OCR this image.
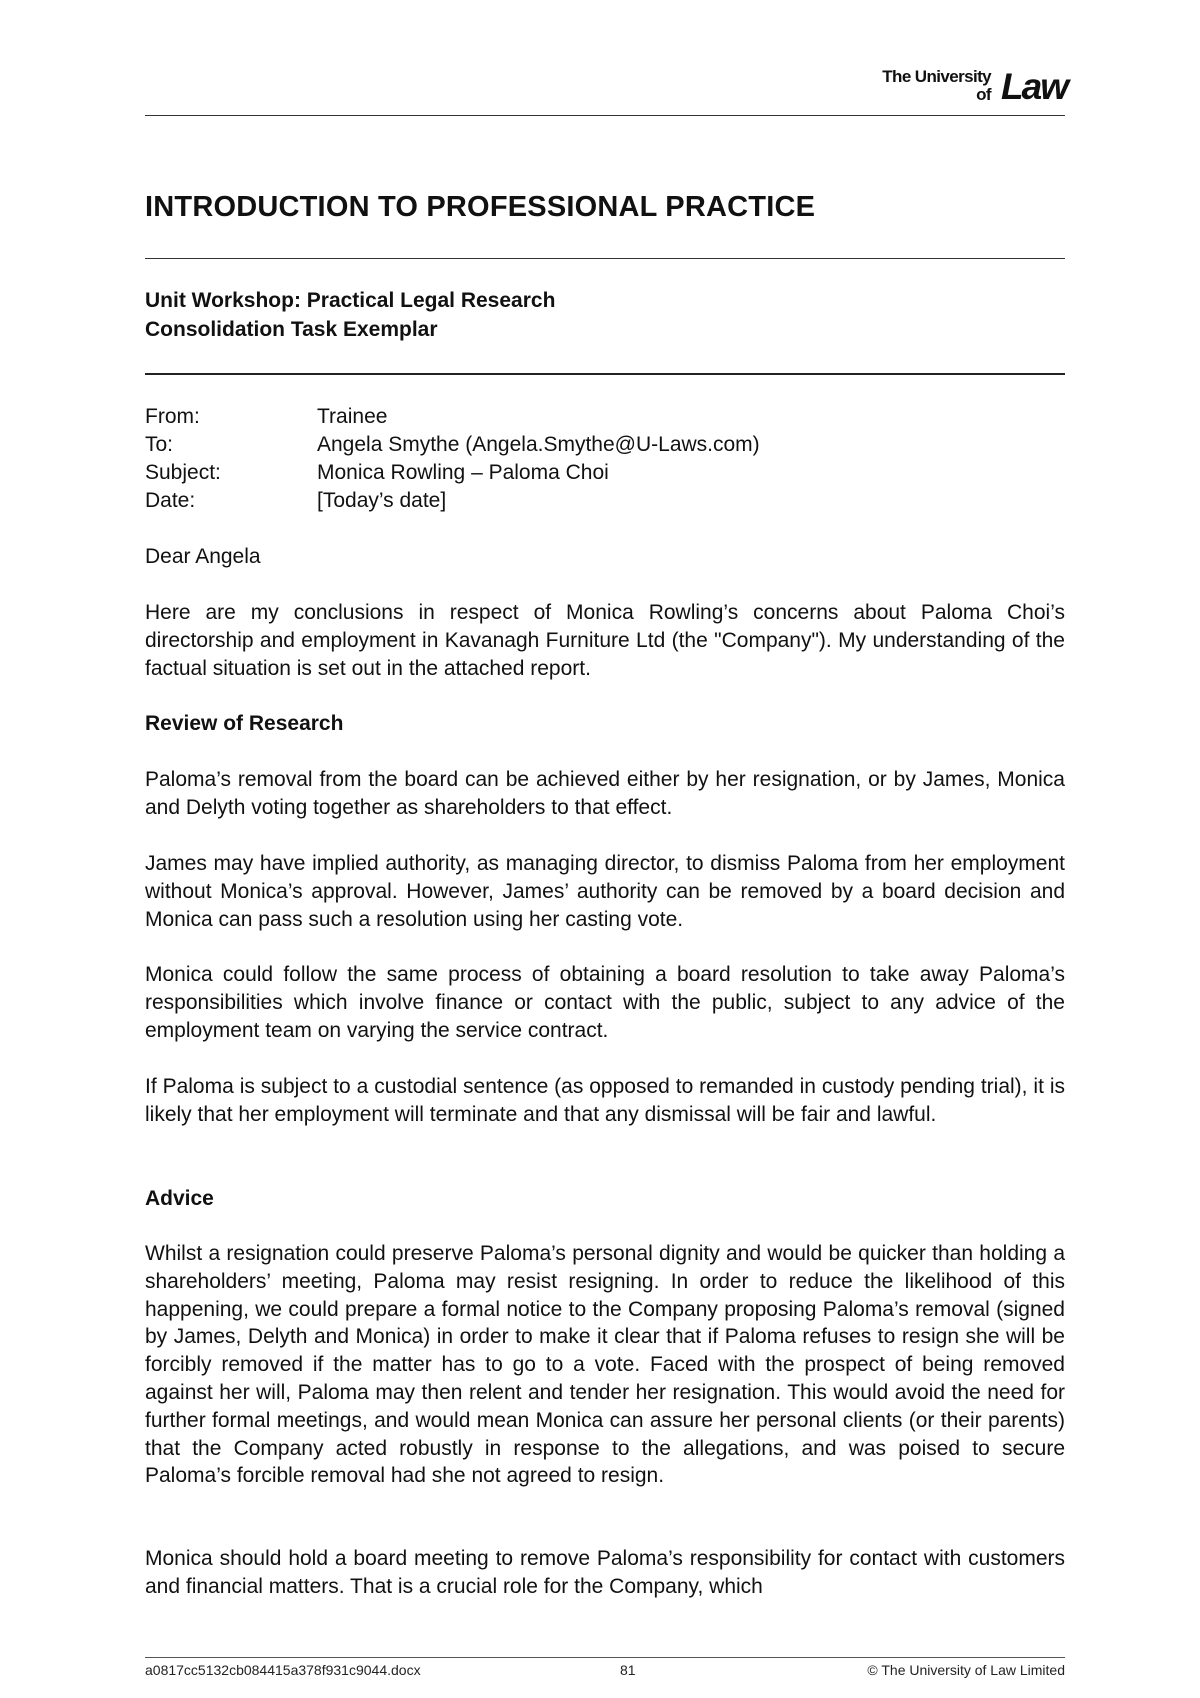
The University
of Law
INTRODUCTION TO PROFESSIONAL PRACTICE
Unit Workshop: Practical Legal Research
Consolidation Task Exemplar
From:	Trainee
To:	Angela Smythe (Angela.Smythe@U-Laws.com)
Subject:	Monica Rowling – Paloma Choi
Date:	[Today’s date]

Dear Angela

Here are my conclusions in respect of Monica Rowling’s concerns about Paloma Choi’s directorship and employment in Kavanagh Furniture Ltd (the "Company"). My understanding of the factual situation is set out in the attached report.

Review of Research

Paloma’s removal from the board can be achieved either by her resignation, or by James, Monica and Delyth voting together as shareholders to that effect.

James may have implied authority, as managing director, to dismiss Paloma from her employment without Monica’s approval. However, James’ authority can be removed by a board decision and Monica can pass such a resolution using her casting vote.

Monica could follow the same process of obtaining a board resolution to take away Paloma’s responsibilities which involve finance or contact with the public, subject to any advice of the employment team on varying the service contract.

If Paloma is subject to a custodial sentence (as opposed to remanded in custody pending trial), it is likely that her employment will terminate and that any dismissal will be fair and lawful.

Advice

Whilst a resignation could preserve Paloma’s personal dignity and would be quicker than holding a shareholders’ meeting, Paloma may resist resigning. In order to reduce the likelihood of this happening, we could prepare a formal notice to the Company proposing Paloma’s removal (signed by James, Delyth and Monica) in order to make it clear that if Paloma refuses to resign she will be forcibly removed if the matter has to go to a vote. Faced with the prospect of being removed against her will, Paloma may then relent and tender her resignation. This would avoid the need for further formal meetings, and would mean Monica can assure her personal clients (or their parents) that the Company acted robustly in response to the allegations, and was poised to secure Paloma’s forcible removal had she not agreed to resign.

Monica should hold a board meeting to remove Paloma’s responsibility for contact with customers and financial matters. That is a crucial role for the Company, which

a0817cc5132cb084415a378f931c9044.docx	81	© The University of Law Limited
